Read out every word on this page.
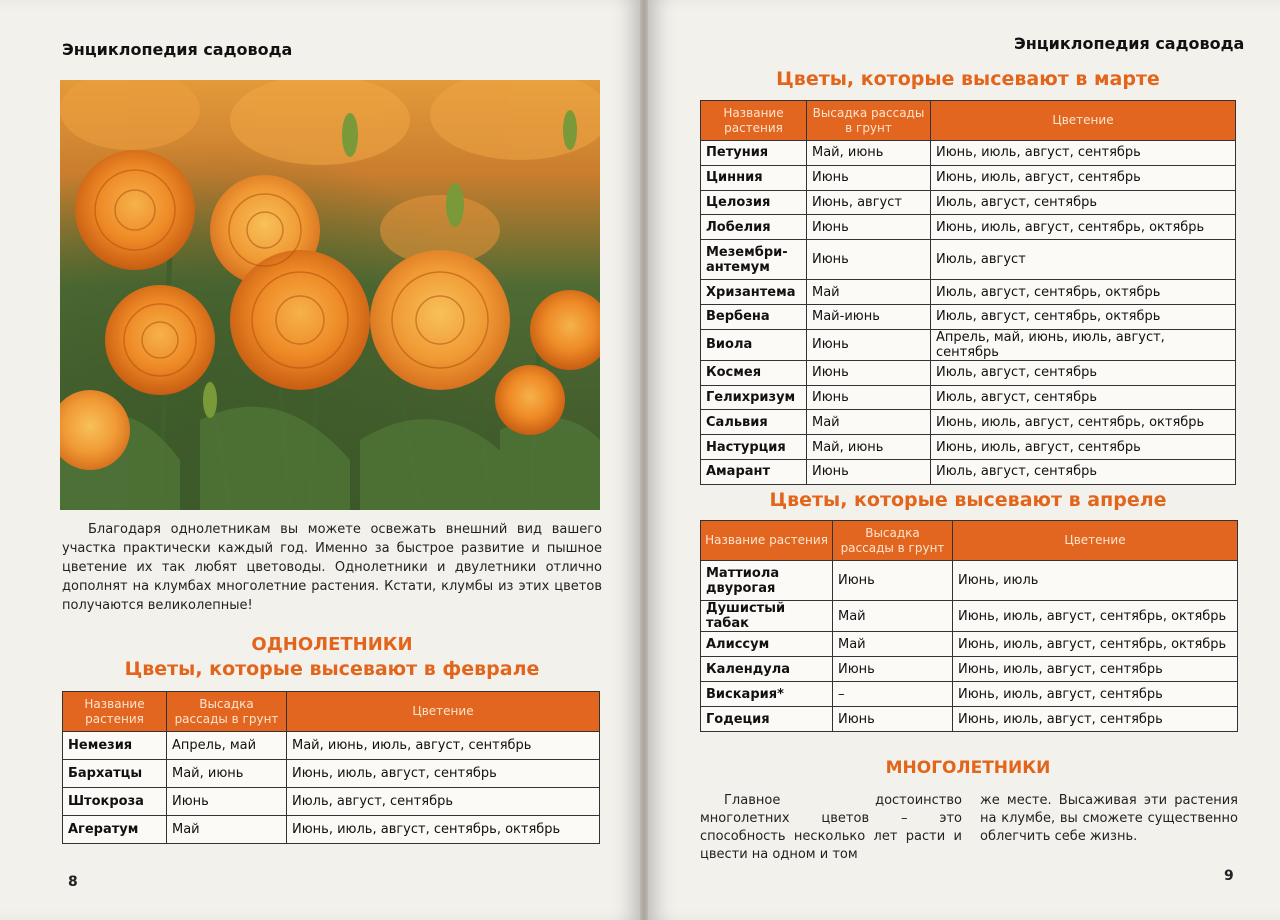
Энциклопедия садовода
Благодаря однолетникам вы можете освежать внешний вид вашего участка практически каждый год. Именно за быстрое развитие и пышное цветение их так любят цветоводы. Однолетники и двулетники отлично дополнят на клумбах многолетние растения. Кстати, клумбы из этих цветов получаются великолепные!
ОДНОЛЕТНИКИ
Цветы, которые высевают в феврале
Название растения	Высадка рассады в грунт	Цветение
Немезия	Апрель, май	Май, июнь, июль, август, сентябрь
Бархатцы	Май, июнь	Июнь, июль, август, сентябрь
Штокроза	Июнь	Июль, август, сентябрь
Агератум	Май	Июнь, июль, август, сентябрь, октябрь
8
Энциклопедия садовода
Цветы, которые высевают в марте
Название растения	Высадка рассады в грунт	Цветение
Петуния	Май, июнь	Июнь, июль, август, сентябрь
Цинния	Июнь	Июнь, июль, август, сентябрь
Целозия	Июнь, август	Июль, август, сентябрь
Лобелия	Июнь	Июнь, июль, август, сентябрь, октябрь
Мезембри-антемум	Июнь	Июль, август
Хризантема	Май	Июль, август, сентябрь, октябрь
Вербена	Май-июнь	Июль, август, сентябрь, октябрь
Виола	Июнь	Апрель, май, июнь, июль, август, сентябрь
Космея	Июнь	Июль, август, сентябрь
Гелихризум	Июнь	Июль, август, сентябрь
Сальвия	Май	Июнь, июль, август, сентябрь, октябрь
Настурция	Май, июнь	Июнь, июль, август, сентябрь
Амарант	Июнь	Июль, август, сентябрь
Цветы, которые высевают в апреле
Название растения	Высадка рассады в грунт	Цветение
Маттиола двурогая	Июнь	Июнь, июль
Душистый табак	Май	Июнь, июль, август, сентябрь, октябрь
Алиссум	Май	Июнь, июль, август, сентябрь, октябрь
Календула	Июнь	Июнь, июль, август, сентябрь
Вискария*	–	Июнь, июль, август, сентябрь
Годеция	Июнь	Июнь, июль, август, сентябрь
МНОГОЛЕТНИКИ
Главное достоинство многолетних цветов – это способность несколько лет расти и цвести на одном и том
же месте. Высаживая эти растения на клумбе, вы сможете существенно облегчить себе жизнь.
9
